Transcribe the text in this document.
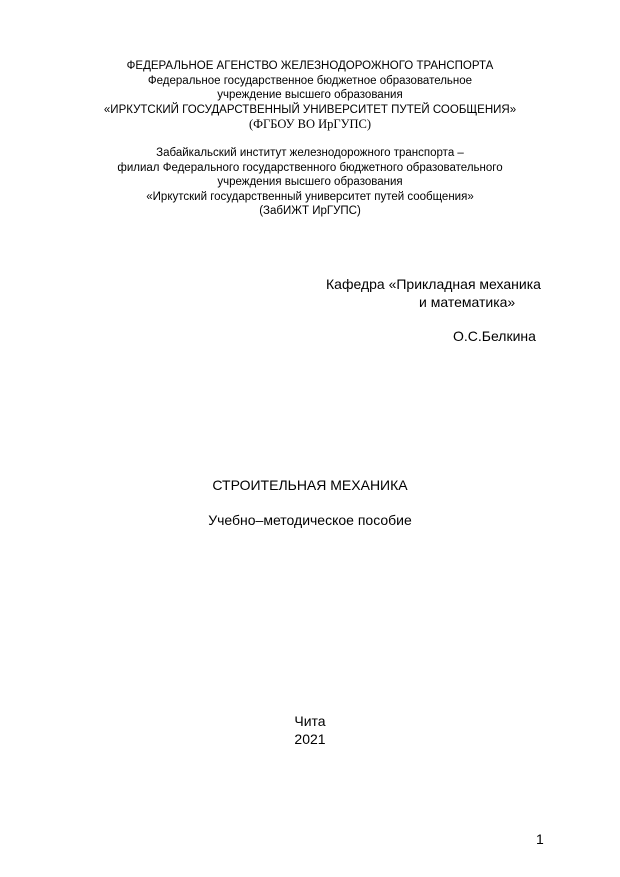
ФЕДЕРАЛЬНОЕ АГЕНСТВО ЖЕЛЕЗНОДОРОЖНОГО ТРАНСПОРТА
Федеральное государственное бюджетное образовательное
учреждение высшего образования
«ИРКУТСКИЙ ГОСУДАРСТВЕННЫЙ УНИВЕРСИТЕТ ПУТЕЙ СООБЩЕНИЯ»
(ФГБОУ ВО ИрГУПС)
Забайкальский институт железнодорожного транспорта –
филиал Федерального государственного бюджетного образовательного
учреждения высшего образования
«Иркутский государственный университет путей сообщения»
(ЗабИЖТ ИрГУПС)
Кафедра «Прикладная механика
и математика»
О.С.Белкина
СТРОИТЕЛЬНАЯ МЕХАНИКА
Учебно–методическое пособие
Чита
2021
1
